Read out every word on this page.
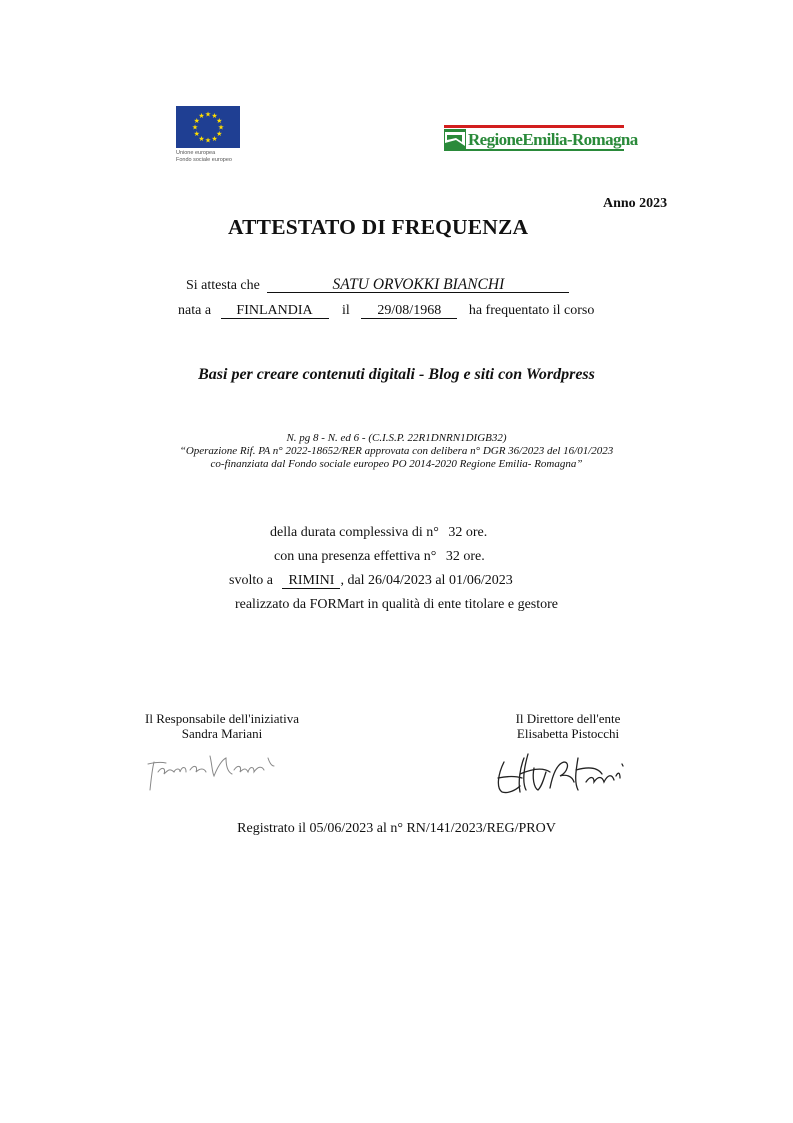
★
★
★
★
★
★
★
★
★ ★ ★
★
Unione europea
Fondo sociale europeo
RegioneEmilia-Romagna
Anno 2023
ATTESTATO DI FREQUENZA
Si attesta che	SATU ORVOKKI BIANCHI
nata a FINLANDIA il 29/08/1968 ha frequentato il corso
Basi per creare contenuti digitali - Blog e siti con Wordpress
N. pg 8 - N. ed 6 - (C.I.S.P. 22R1DNRN1DIGB32)
“Operazione Rif. PA n° 2022-18652/RER approvata con delibera n° DGR 36/2023 del 16/01/2023
co-finanziata dal Fondo sociale europeo PO 2014-2020 Regione Emilia- Romagna”
della durata complessiva di n° 32 ore.
con una presenza effettiva n° 32 ore.
svolto a RIMINI , dal 26/04/2023 al 01/06/2023
realizzato da FORMart in qualità di ente titolare e gestore
Il Responsabile dell'iniziativa
Sandra Mariani
Il Direttore dell'ente
Elisabetta Pistocchi
Registrato il 05/06/2023 al n° RN/141/2023/REG/PROV
